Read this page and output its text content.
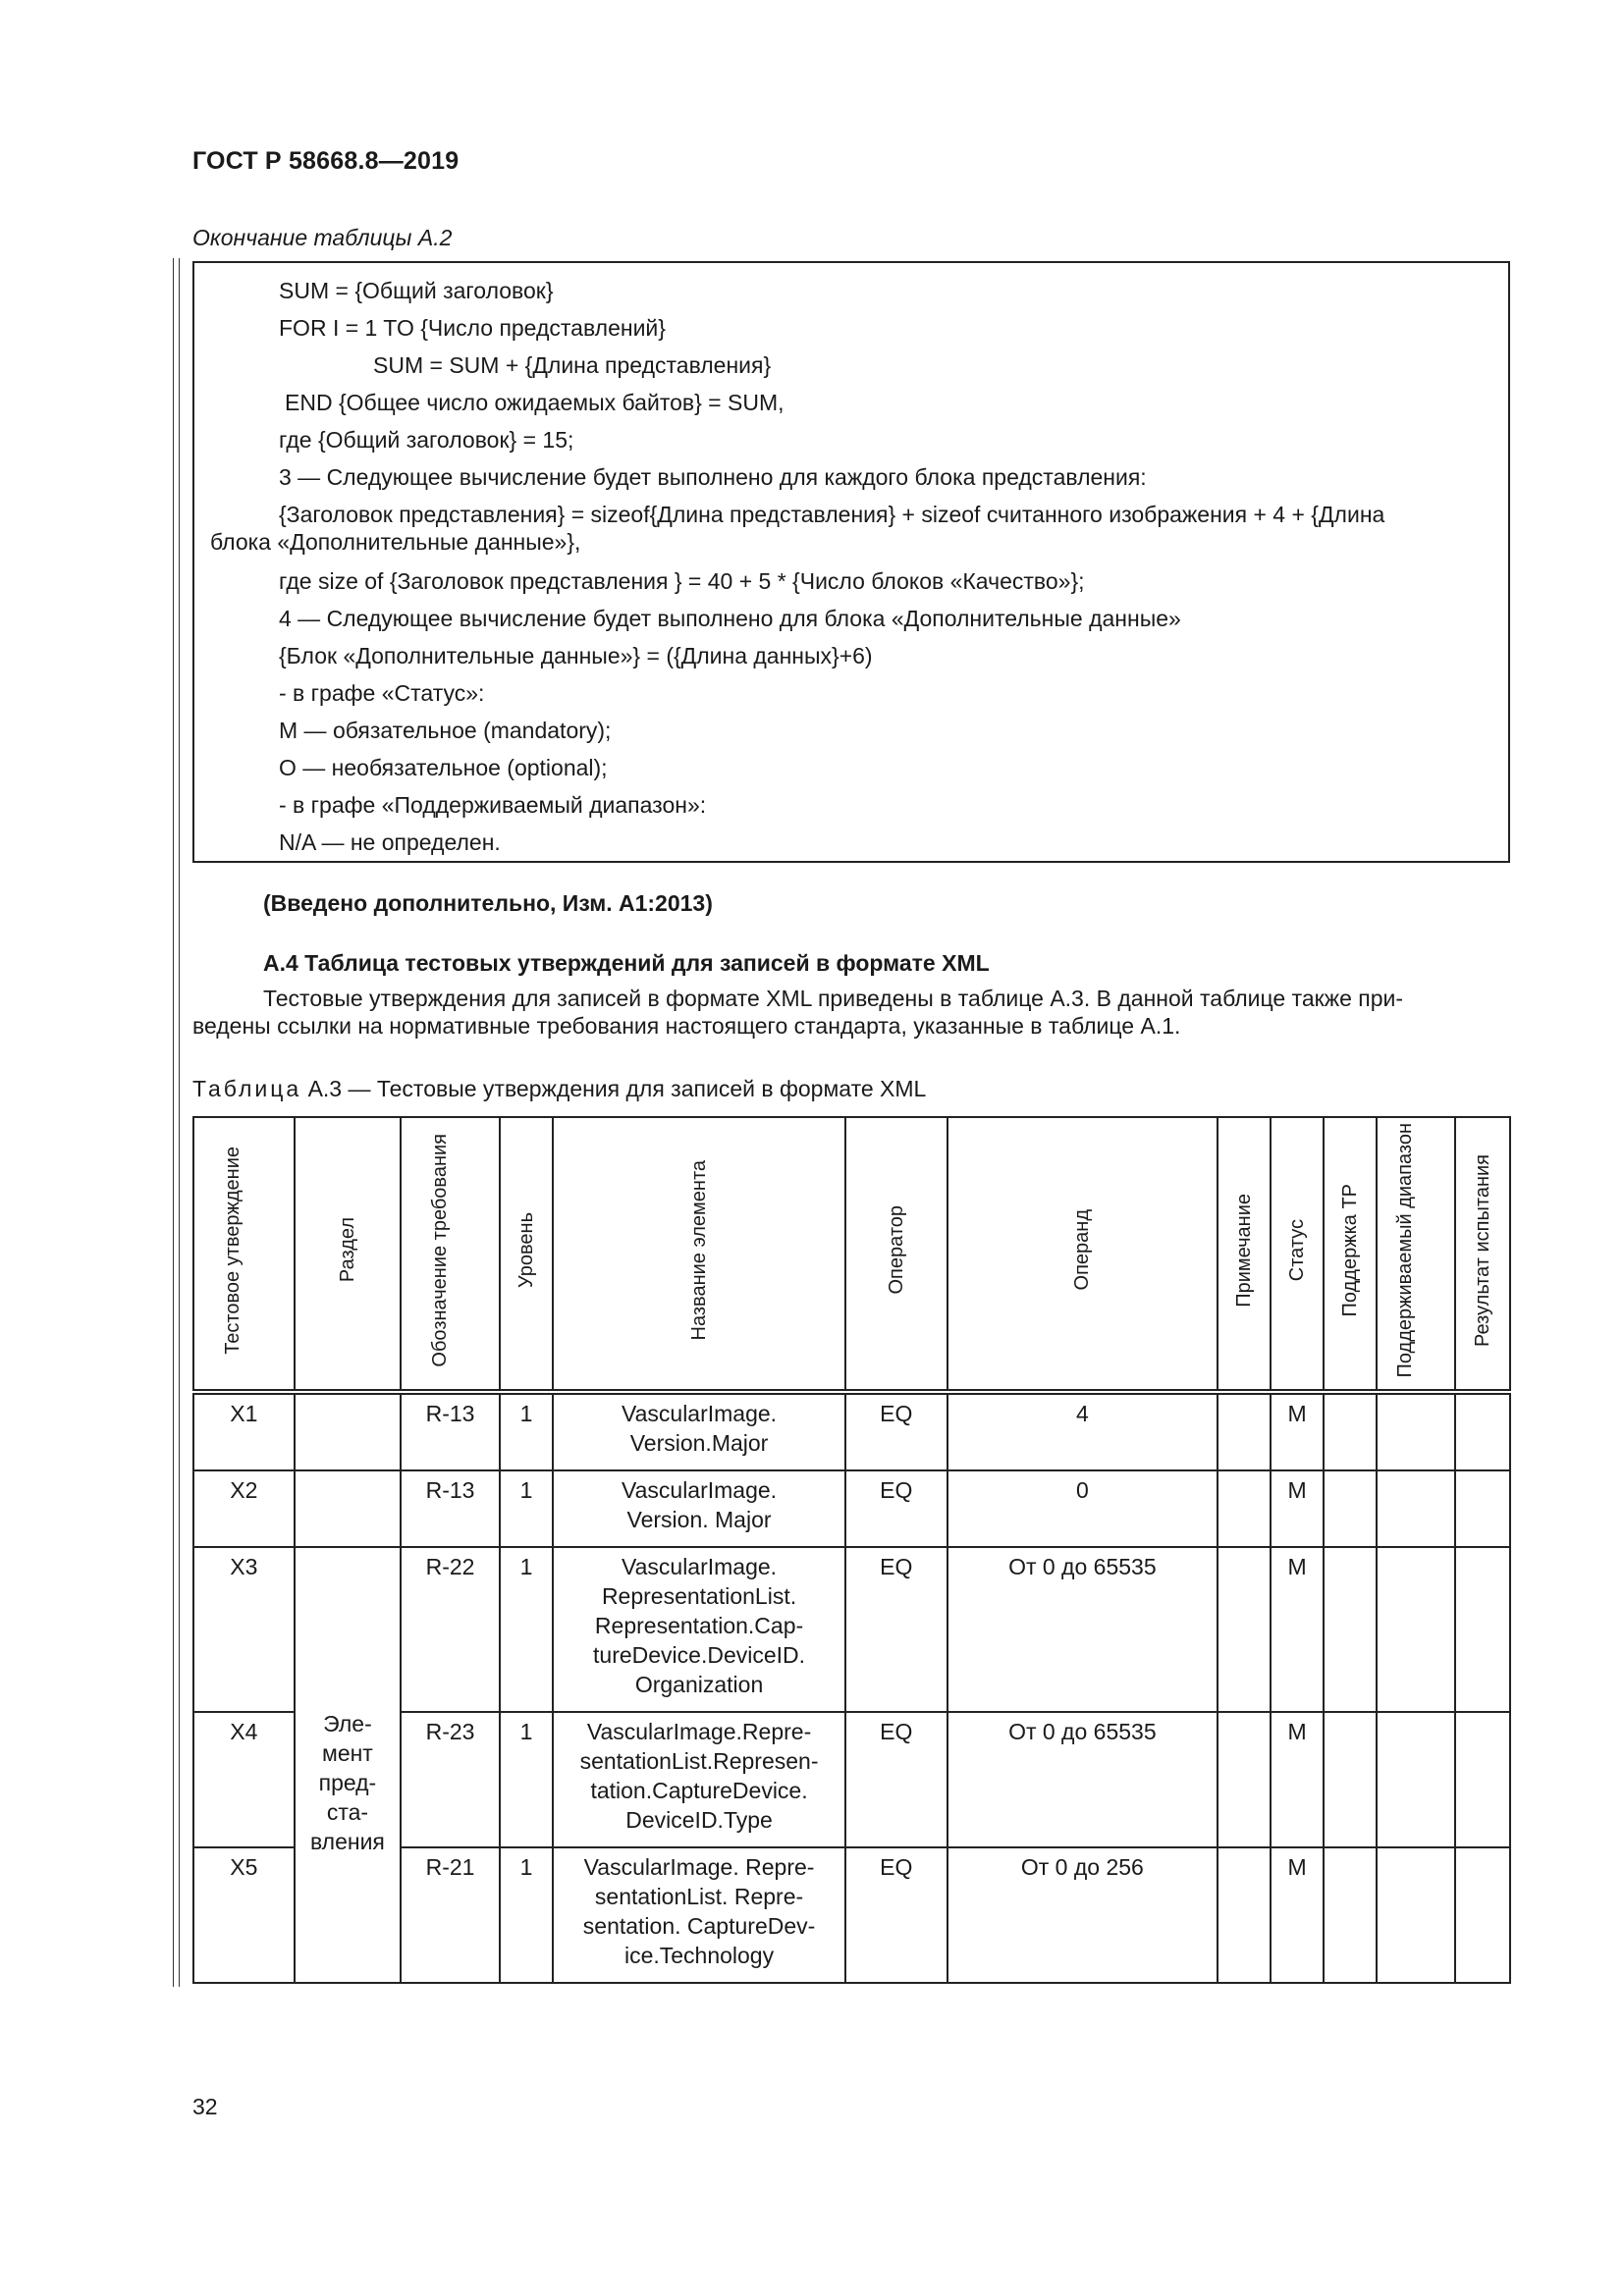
ГОСТ Р 58668.8—2019
Окончание таблицы А.2
SUM = {Общий заголовок}
FOR I = 1 TO {Число представлений}
SUM = SUM + {Длина представления}
END {Общее число ожидаемых байтов} = SUM,
где {Общий заголовок} = 15;
3 — Следующее вычисление будет выполнено для каждого блока представления:
{Заголовок представления} = sizeof{Длина представления} + sizeof считанного изображения + 4 + {Длина
блока «Дополнительные данные»},
где size of {Заголовок представления } = 40 + 5 * {Число блоков «Качество»};
4 — Следующее вычисление будет выполнено для блока «Дополнительные данные»
{Блок «Дополнительные данные»} = ({Длина данных}+6)
- в графе «Статус»:
M — обязательное (mandatory);
O — необязательное (optional);
- в графе «Поддерживаемый диапазон»:
N/A — не определен.
(Введено дополнительно, Изм. А1:2013)
А.4 Таблица тестовых утверждений для записей в формате XML
Тестовые утверждения для записей в формате XML приведены в таблице А.3. В данной таблице также при-
ведены ссылки на нормативные требования настоящего стандарта, указанные в таблице А.1.
Таблица А.3 — Тестовые утверждения для записей в формате XML
Тестовое утверждение	Раздел	Обозначение требования	Уровень	Название элемента	Оператор	Операнд	Примечание	Статус	Поддержка ТР	Поддерживаемый диапазон	Результат испытания
X1		R-13	1	VascularImage.
Version.Major	EQ	4		M			
X2		R-13	1	VascularImage.
Version. Major	EQ	0		M			
X3	Эле-
мент
пред-
ста-
вления	R-22	1	VascularImage.
RepresentationList.
Representation.Cap-
tureDevice.DeviceID.
Organization	EQ	От 0 до 65535		M			
X4		R-23	1	VascularImage.Repre-
sentationList.Represen-
tation.CaptureDevice.
DeviceID.Type	EQ	От 0 до 65535		M			
X5		R-21	1	VascularImage. Repre-
sentationList. Repre-
sentation. CaptureDev-
ice.Technology	EQ	От 0 до 256		M			
32
